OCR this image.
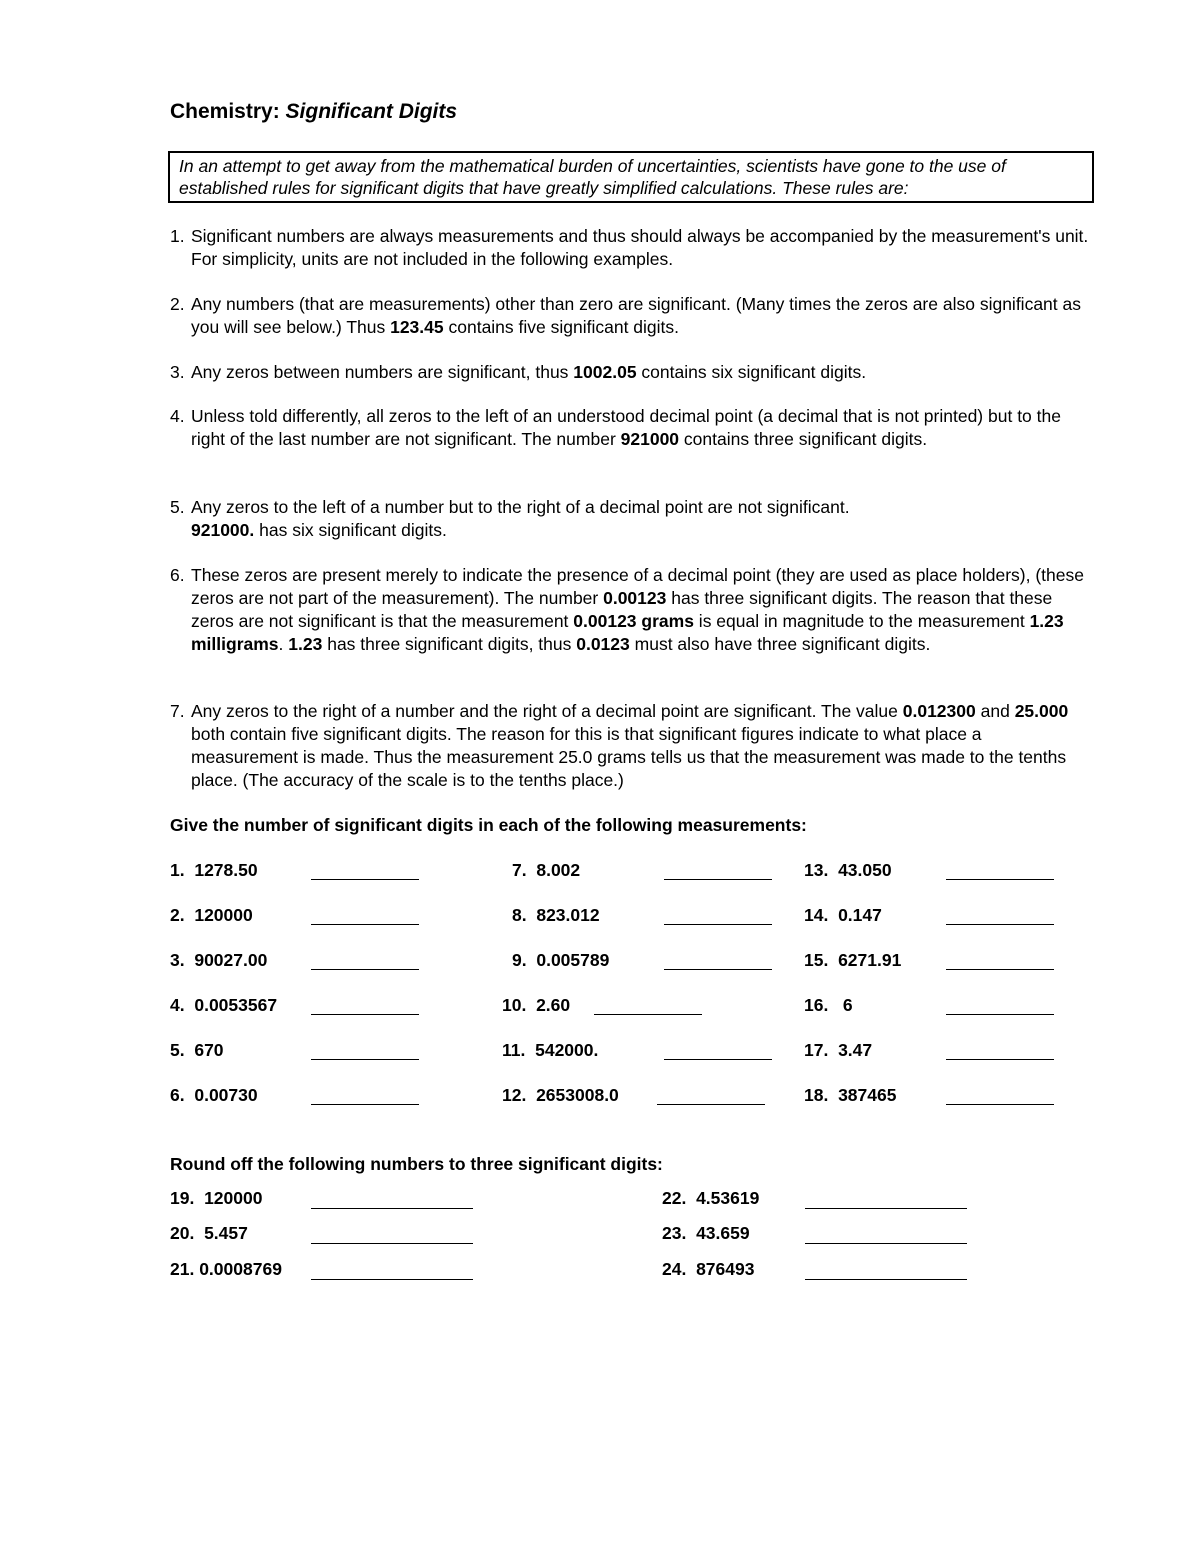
Chemistry: Significant Digits
In an attempt to get away from the mathematical burden of uncertainties, scientists have gone to the use of established rules for significant digits that have greatly simplified calculations. These rules are:
1. Significant numbers are always measurements and thus should always be accompanied by the measurement's unit. For simplicity, units are not included in the following examples.
2. Any numbers (that are measurements) other than zero are significant. (Many times the zeros are also significant as you will see below.) Thus 123.45 contains five significant digits.
3. Any zeros between numbers are significant, thus 1002.05 contains six significant digits.
4. Unless told differently, all zeros to the left of an understood decimal point (a decimal that is not printed) but to the right of the last number are not significant. The number 921000 contains three significant digits.
5. Any zeros to the left of a number but to the right of a decimal point are not significant.
921000. has six significant digits.
6. These zeros are present merely to indicate the presence of a decimal point (they are used as place holders), (these zeros are not part of the measurement). The number 0.00123 has three significant digits. The reason that these zeros are not significant is that the measurement 0.00123 grams is equal in magnitude to the measurement 1.23 milligrams. 1.23 has three significant digits, thus 0.0123 must also have three significant digits.
7. Any zeros to the right of a number and the right of a decimal point are significant. The value 0.012300 and 25.000 both contain five significant digits. The reason for this is that significant figures indicate to what place a measurement is made. Thus the measurement 25.0 grams tells us that the measurement was made to the tenths place. (The accuracy of the scale is to the tenths place.)
Give the number of significant digits in each of the following measurements:
1. 1278.50
2. 120000
3. 90027.00
4. 0.0053567
5. 670
6. 0.00730
7. 8.002
8. 823.012
9. 0.005789
10. 2.60
11. 542000.
12. 2653008.0
13. 43.050
14. 0.147
15. 6271.91
16. 6
17. 3.47
18. 387465
Round off the following numbers to three significant digits:
19. 120000
20. 5.457
21. 0.0008769
22. 4.53619
23. 43.659
24. 876493
